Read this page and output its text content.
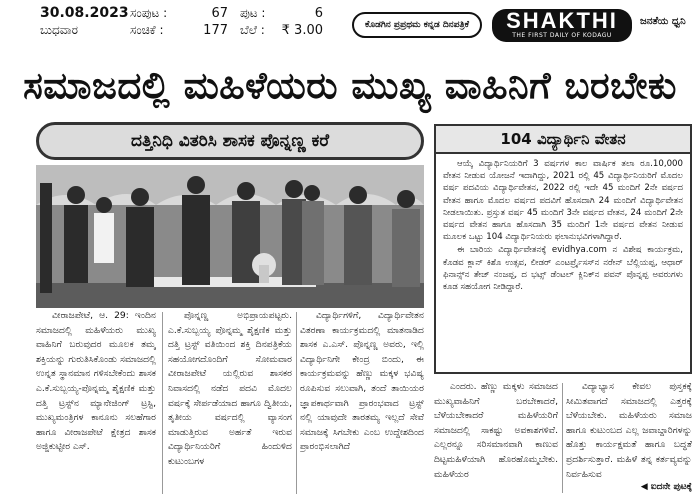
30.08.2023 ಸಂಪುಟ :	67	ಪುಟ :	6
ಬುಧವಾರ	ಸಂಚಿಕೆ :	177	ಬೆಲೆ :	₹ 3.00	ಕೊಡಗಿನ ಪ್ರಪ್ರಥಮ ಕನ್ನಡ ದಿನಪತ್ರಿಕೆ	SHAKTHI
THE FIRST DAILY OF KODAGU
ಜನತೆಯ ಧ್ವನಿ
ಸಮಾಜದಲ್ಲಿ ಮಹಿಳೆಯರು ಮುಖ್ಯ ವಾಹಿನಿಗೆ ಬರಬೇಕು
ದತ್ತಿನಿಧಿ ವಿತರಿಸಿ ಶಾಸಕ ಪೊನ್ನಣ್ಣ ಕರೆ	104 ವಿದ್ಯಾರ್ಥಿನಿ ವೇತನ

ಆಯ್ಕೆ ವಿದ್ಯಾರ್ಥಿನಿಯರಿಗೆ 3 ವರ್ಷಗಳ ಕಾಲ ವಾರ್ಷಿಕ ತಲಾ ರೂ.10,000 ವೇತನ ನೀಡುವ ಯೋಜನೆ ಇದಾಗಿದ್ದು, 2021 ರಲ್ಲಿ 45 ವಿದ್ಯಾರ್ಥಿನಿಯರಿಗೆ ಮೊದಲ ವರ್ಷ ಪದವಿಯ ವಿದ್ಯಾರ್ಥಿವೇತನ, 2022 ರಲ್ಲಿ ಇದೇ 45 ಮಂದಿಗೆ 2ನೇ ವರ್ಷದ ವೇತನ ಹಾಗೂ ಮೊದಲ ವರ್ಷದ ಪದವಿಗೆ ಹೊಸದಾಗಿ 24 ಮಂದಿಗೆ ವಿದ್ಯಾರ್ಥಿವೇತನ ನೀಡಲಾಯಿತು. ಪ್ರಸ್ತುತ ವರ್ಷ 45 ಮಂದಿಗೆ 3ನೇ ವರ್ಷದ ವೇತನ, 24 ಮಂದಿಗೆ 2ನೇ ವರ್ಷದ ವೇತನ ಹಾಗೂ ಹೊಸದಾಗಿ 35 ಮಂದಿಗೆ 1ನೇ ವರ್ಷದ ವೇತನ ನೀಡುವ ಮೂಲಕ ಒಟ್ಟು 104 ವಿದ್ಯಾರ್ಥಿನಿಯರು ಫಲಾನುಭವಿಗಳಾಗಿದ್ದಾರೆ.

ಈ ಬಾರಿಯ ವಿದ್ಯಾರ್ಥಿವೇತನಕ್ಕೆ evidhya.com ನ ವಿಶೇಷ ಕಾರ್ಯಕ್ರಮ, ಕೊಡವ ಕ್ಲಾನ್ ಕಿಶೊ ಉತ್ಸವ, ಲೀಡರ್ ಎಂಟರ್ಪ್ರೈಸಸ್‌ನ ನರೇನ್ ಬೆಲ್ಲಿಯಪ್ಪ, ಆಧಾರ್ ಫಿನಾನ್ಸ್‌ನ ತೇಜ್ ನಂಜಪ್ಪ, ದ ಭಟ್ಸ್ ಡೆಂಟಲ್ ಕ್ಲಿನಿಕ್‌ನ ಪವನ್ ಪೊನ್ನಪ್ಪ ಅವರುಗಳು ಕೂಡ ಸಹಯೋಗ ನೀಡಿದ್ದಾರೆ.

ವೀರಾಜಪೇಟೆ, ಆ. 29: ಇಂದಿನ ಸಮಾಜದಲ್ಲಿ ಮಹಿಳೆಯರು ಮುಖ್ಯ ವಾಹಿನಿಗೆ ಬರುವುದರ ಮೂಲಕ ತಮ್ಮ ಶಕ್ತಿಯನ್ನು ಗುರುತಿಸಿಕೊಂಡು ಸಮಾಜದಲ್ಲಿ ಉನ್ನತ ಸ್ಥಾನಮಾನ ಗಳಿಸಬೇಕೆಂದು ಶಾಸಕ ಎ.ಕೆ.ಸುಬ್ಬಯ್ಯ-ಪೊನ್ನಮ್ಮ ಶೈಕ್ಷಣಿಕ ಮತ್ತು ದತ್ತಿ ಟ್ರಸ್ಟ್‌ನ ಮ್ಯಾನೇಜಿಂಗ್ ಟ್ರಸ್ಟಿ, ಮುಖ್ಯಮಂತ್ರಿಗಳ ಕಾನೂನು ಸಲಹೆಗಾರ ಹಾಗೂ ವೀರಾಜಪೇಟೆ ಕ್ಷೇತ್ರದ ಶಾಸಕ ಅಜ್ಜಿಕುಟ್ಟೀರ ಎಸ್.

ಪೊನ್ನಣ್ಣ ಅಭಿಪ್ರಾಯಪಟ್ಟರು. ಎ.ಕೆ.ಸುಬ್ಬಯ್ಯ ಪೊನ್ನಮ್ಮ ಶೈಕ್ಷಣಿಕ ಮತ್ತು ದತ್ತಿ ಟ್ರಸ್ಟ್ ವತಿಯಿಂದ ಶಕ್ತಿ ದಿನಪತ್ರಿಕೆಯ ಸಹಯೋಗದೊಂದಿಗೆ ಸೋಮವಾರ ವೀರಾಜಪೇಟೆ ಯಲ್ಲಿರುವ ಶಾಸಕರ ನಿವಾಸದಲ್ಲಿ ನಡೆದ ಪದವಿ ಮೊದಲ ವರ್ಷಕ್ಕೆ ಸೇರ್ಪಡೆಯಾದ ಹಾಗೂ ದ್ವಿತೀಯ, ತೃತೀಯ ವರ್ಷದಲ್ಲಿ ವ್ಯಾಸಂಗ ಮಾಡುತ್ತಿರುವ ಅರ್ಹತೆ ಇರುವ ವಿದ್ಯಾರ್ಥಿನಿಯರಿಗೆ ಹಿಂದುಳಿದ ಕುಟುಂಬಗಳ

ವಿದ್ಯಾರ್ಥಿಗಳಿಗೆ, ವಿದ್ಯಾರ್ಥಿವೇತನ ವಿತರಣಾ ಕಾರ್ಯಕ್ರಮದಲ್ಲಿ ಮಾತನಾಡಿದ ಶಾಸಕ ಎ.ಎಸ್. ಪೊನ್ನಣ್ಣ ಅವರು, ಇಲ್ಲಿ ವಿದ್ಯಾರ್ಥಿನಿಗೇ ಕೇಂದ್ರ ಬಿಂದು, ಈ ಕಾರ್ಯಕ್ರಮವನ್ನು ಹೆಣ್ಣು ಮಕ್ಕಳ ಭವಿಷ್ಯ ರೂಪಿಸುವ ಸಲುವಾಗಿ, ತಂದೆ ತಾಯಿಯರ ಜ್ಞಾಪಕಾರ್ಥವಾಗಿ ಪ್ರಾರಂಭವಾದ ಟ್ರಸ್ಟ್ ನಲ್ಲಿ ಯಾವುದೇ ತಾರತಮ್ಯ ಇಲ್ಲದೆ ಸೇವೆ ಸಮಾಜಕ್ಕೆ ಸಿಗಬೇಕು ಎಂಬ ಉದ್ದೇಶದಿಂದ ಪ್ರಾರಂಭಿಸಲಾಗಿದೆ

ಎಂದರು. ಹೆಣ್ಣು ಮಕ್ಕಳು ಸಮಾಜದ ಮುಖ್ಯವಾಹಿನಿಗೆ ಬರಬೇಕಾದರೆ, ಬೆಳೆಯಬೇಕಾದರೆ ಮಹಿಳೆಯರಿಗೆ ಸಮಾಜದಲ್ಲಿ ಸಾಕಷ್ಟು ಅವಕಾಶಗಳಿವೆ. ಎಲ್ಲರನ್ನೂ ಸರಿಸಮಾನವಾಗಿ ಕಾಣುವ ದಿಟ್ಟಮಹಿಳೆಯಾಗಿ ಹೊರಹೊಮ್ಮಬೇಕು. ಮಹಿಳೆಯರ

ವಿದ್ಯಾಭ್ಯಾಸ ಕೇವಲ ಪುಸ್ತಕಕ್ಕೆ ಸೀಮಿತವಾಗದೆ ಸಮಾಜದಲ್ಲಿ ಎತ್ತರಕ್ಕೆ ಬೆಳೆಯಬೇಕು. ಮಹಿಳೆಯರು ಸಮಾಜ ಹಾಗೂ ಕುಟುಂಬದ ಎಲ್ಲ ಜವಾಬ್ದಾರಿಗಳನ್ನು ಹೊತ್ತು ಕಾರ್ಯಕ್ಷಮತೆ ಹಾಗೂ ಬದ್ಧತೆ ಪ್ರದರ್ಶಿಸುತ್ತಾರೆ. ಮಹಿಳೆ ತನ್ನ ಕರ್ತವ್ಯವನ್ನು ನಿರ್ವಹಿಸುವ

◀ ಐದನೇ ಪುಟಕ್ಕೆ
